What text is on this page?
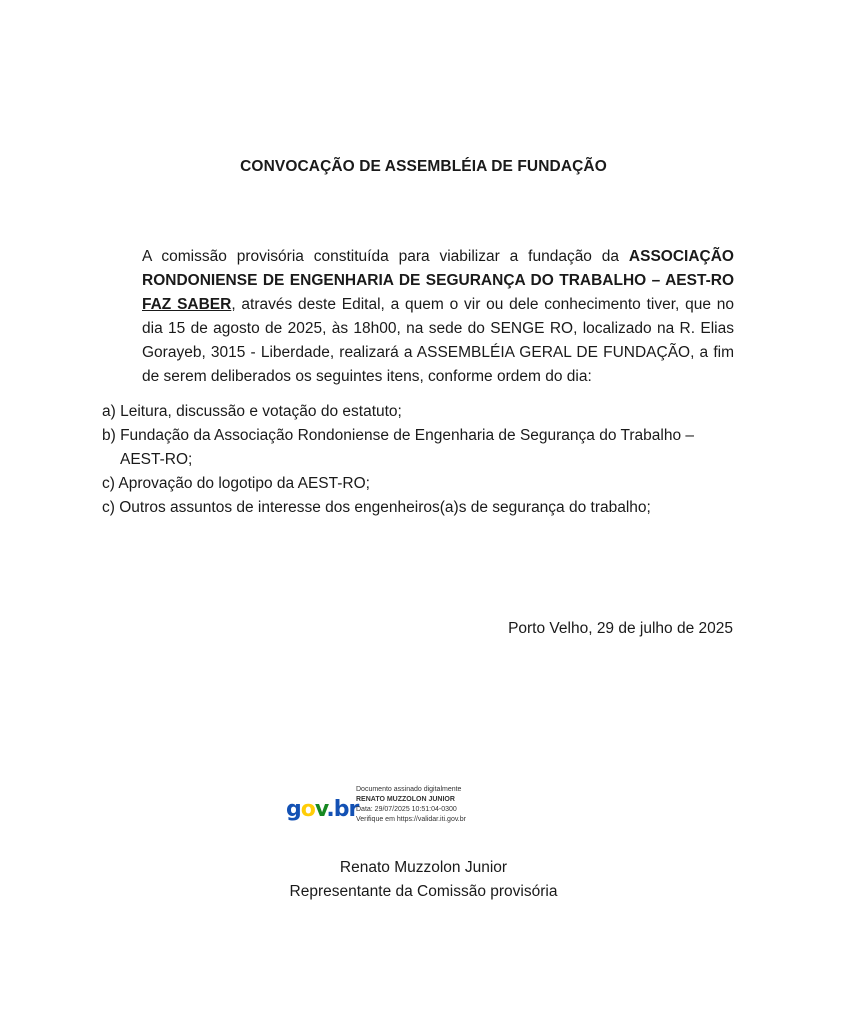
CONVOCAÇÃO DE ASSEMBLÉIA DE FUNDAÇÃO

A comissão provisória constituída para viabilizar a fundação da ASSOCIAÇÃO RONDONIENSE DE ENGENHARIA DE SEGURANÇA DO TRABALHO – AEST-RO FAZ SABER, através deste Edital, a quem o vir ou dele conhecimento tiver, que no dia 15 de agosto de 2025, às 18h00, na sede do SENGE RO, localizado na R. Elias Gorayeb, 3015 - Liberdade, realizará a ASSEMBLÉIA GERAL DE FUNDAÇÃO, a fim de serem deliberados os seguintes itens, conforme ordem do dia:

a) Leitura, discussão e votação do estatuto;
b) Fundação da Associação Rondoniense de Engenharia de Segurança do Trabalho – AEST-RO;
c) Aprovação do logotipo da AEST-RO;
c) Outros assuntos de interesse dos engenheiros(a)s de segurança do trabalho;
Porto Velho, 29 de julho de 2025
gov.br
Documento assinado digitalmente
RENATO MUZZOLON JUNIOR
Data: 29/07/2025 10:51:04-0300
Verifique em https://validar.iti.gov.br
Renato Muzzolon Junior
Representante da Comissão provisória
